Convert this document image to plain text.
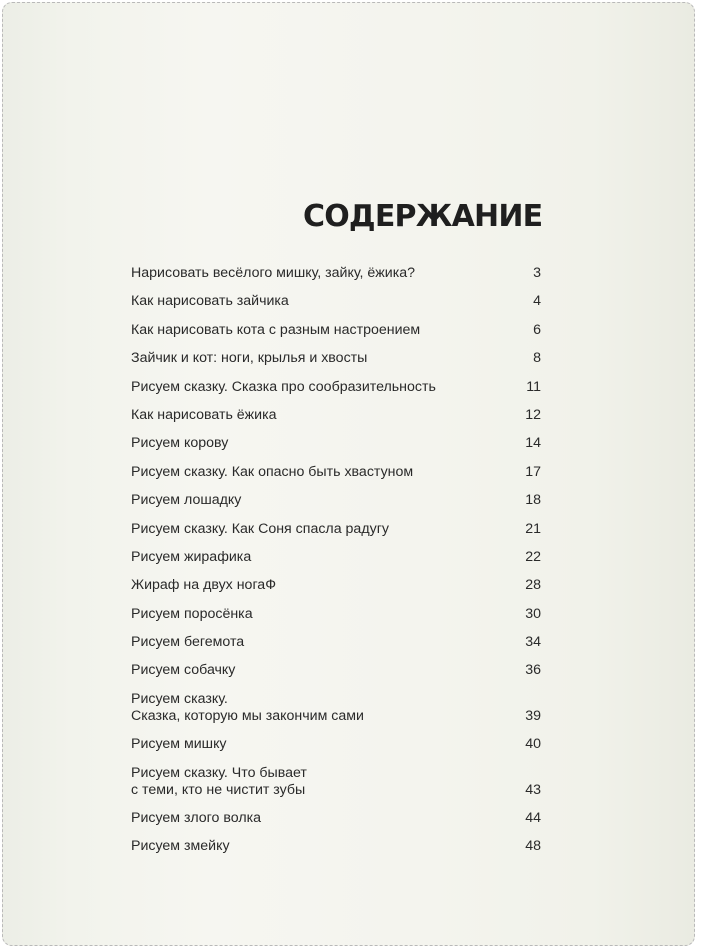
СОДЕРЖАНИЕ
Нарисовать весёлого мишку, зайку, ёжика?	3
Как нарисовать зайчика	4
Как нарисовать кота с разным настроением	6
Зайчик и кот: ноги, крылья и хвосты	8
Рисуем сказку. Сказка про сообразительность	11
Как нарисовать ёжика	12
Рисуем корову	14
Рисуем сказку. Как опасно быть хвастуном	17
Рисуем лошадку	18
Рисуем сказку. Как Соня спасла радугу	21
Рисуем жирафика	22
Жираф на двух ногаФ	28
Рисуем поросёнка	30
Рисуем бегемота	34
Рисуем собачку	36
Рисуем сказку.
Сказка, которую мы закончим сами	39
Рисуем мишку	40
Рисуем сказку. Что бывает
с теми, кто не чистит зубы	43
Рисуем злого волка	44
Рисуем змейку	48
